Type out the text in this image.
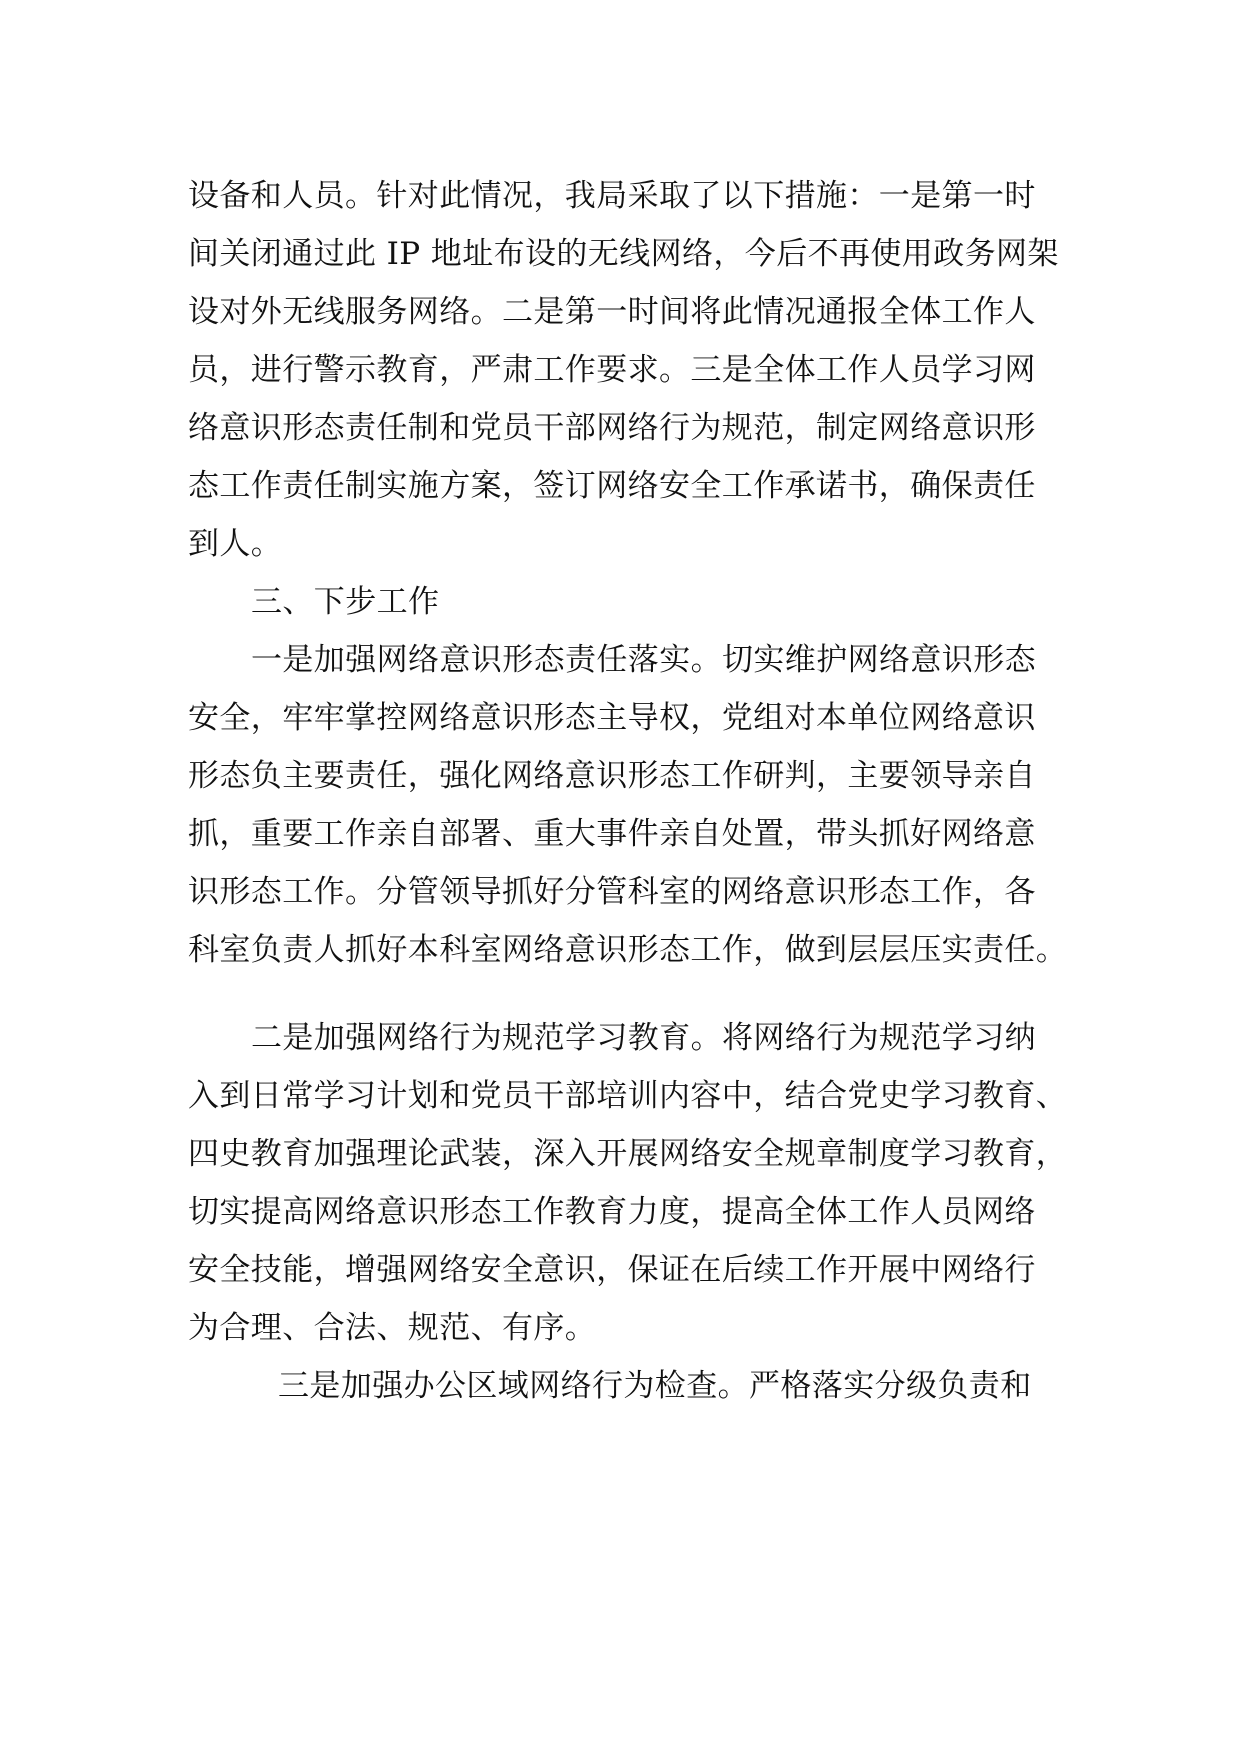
设备和人员。针对此情况，我局采取了以下措施：一是第一时
间关闭通过此 IP 地址布设的无线网络，今后不再使用政务网架
设对外无线服务网络。二是第一时间将此情况通报全体工作人
员，进行警示教育，严肃工作要求。三是全体工作人员学习网
络意识形态责任制和党员干部网络行为规范，制定网络意识形
态工作责任制实施方案，签订网络安全工作承诺书，确保责任
到人。
三、下步工作
一是加强网络意识形态责任落实。切实维护网络意识形态
安全，牢牢掌控网络意识形态主导权，党组对本单位网络意识
形态负主要责任，强化网络意识形态工作研判，主要领导亲自
抓，重要工作亲自部署、重大事件亲自处置，带头抓好网络意
识形态工作。分管领导抓好分管科室的网络意识形态工作，各
科室负责人抓好本科室网络意识形态工作，做到层层压实责任。
二是加强网络行为规范学习教育。将网络行为规范学习纳
入到日常学习计划和党员干部培训内容中，结合党史学习教育、
四史教育加强理论武装，深入开展网络安全规章制度学习教育，
切实提高网络意识形态工作教育力度，提高全体工作人员网络
安全技能，增强网络安全意识，保证在后续工作开展中网络行
为合理、合法、规范、有序。
三是加强办公区域网络行为检查。严格落实分级负责和
